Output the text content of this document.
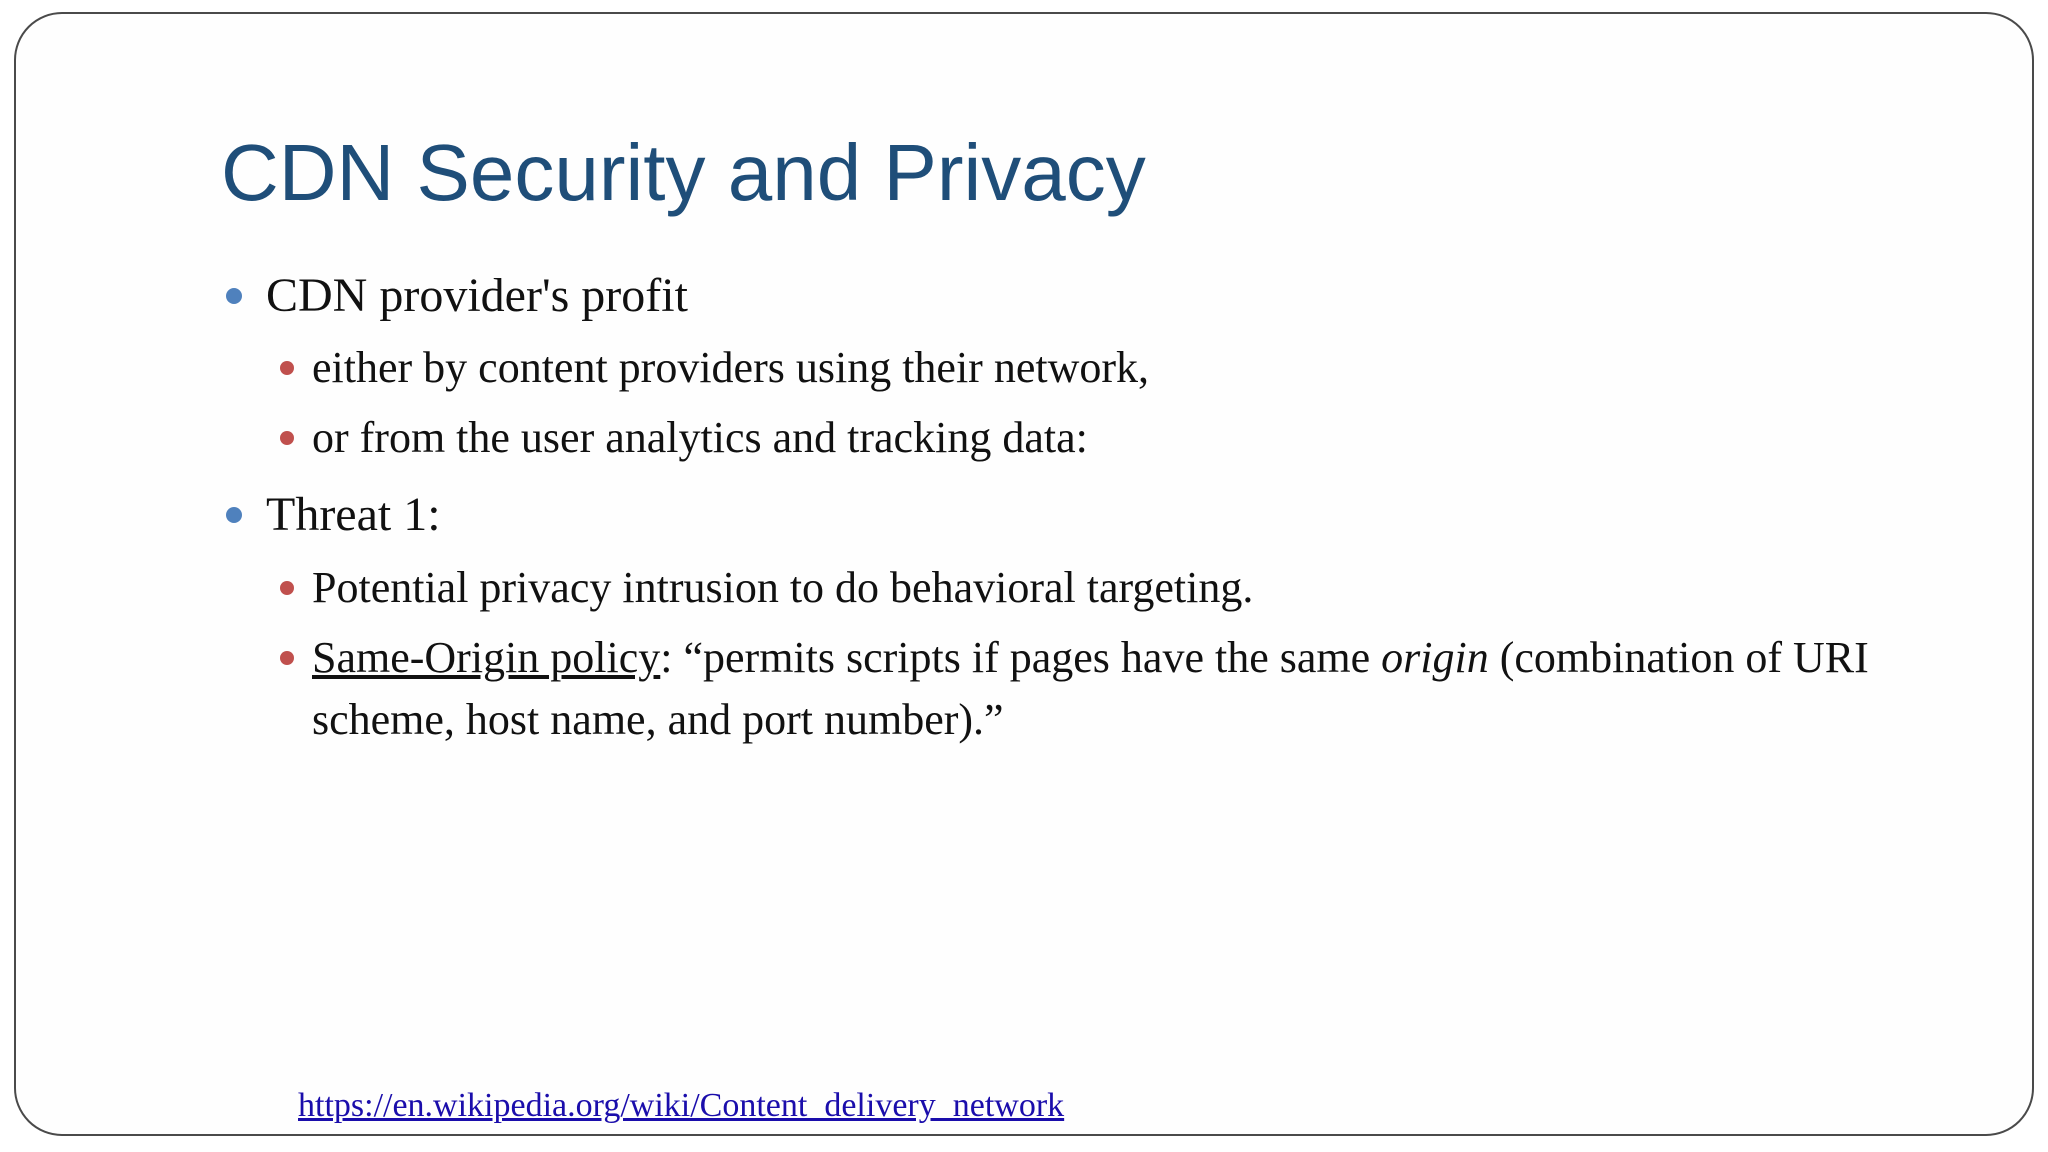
CDN Security and Privacy
CDN provider's profit
either by content providers using their network,
or from the user analytics and tracking data:
Threat 1:
Potential privacy intrusion to do behavioral targeting.
Same-Origin policy: “permits scripts if pages have the same origin (combination of URI scheme, host name, and port number).”
https://en.wikipedia.org/wiki/Content_delivery_network
